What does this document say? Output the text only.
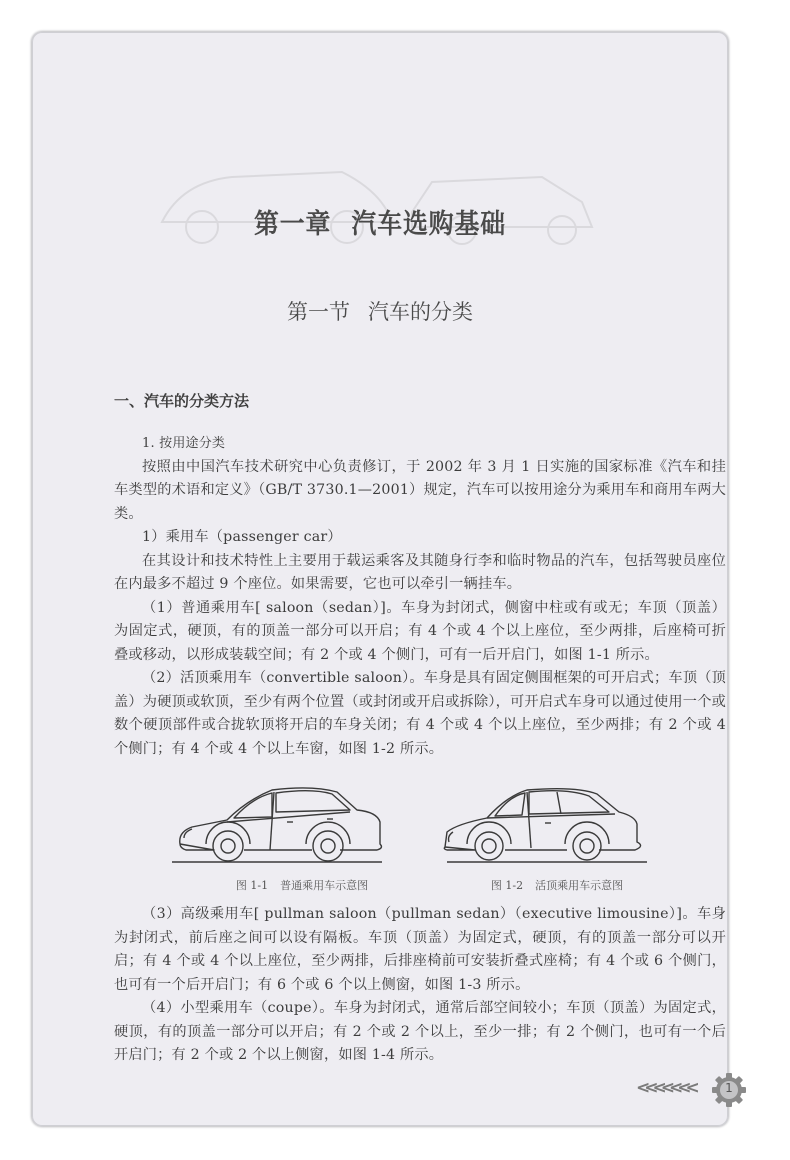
第一章 汽车选购基础
第一节 汽车的分类
一、汽车的分类方法

1. 按用途分类

按照由中国汽车技术研究中心负责修订，于 2002 年 3 月 1 日实施的国家标准《汽车和挂车类型的术语和定义》（GB/T 3730.1—2001）规定，汽车可以按用途分为乘用车和商用车两大类。

1）乘用车（passenger car）

在其设计和技术特性上主要用于载运乘客及其随身行李和临时物品的汽车，包括驾驶员座位在内最多不超过 9 个座位。如果需要，它也可以牵引一辆挂车。

（1）普通乘用车[ saloon（sedan）]。车身为封闭式，侧窗中柱或有或无；车顶（顶盖）为固定式，硬顶，有的顶盖一部分可以开启；有 4 个或 4 个以上座位，至少两排，后座椅可折叠或移动，以形成装载空间；有 2 个或 4 个侧门，可有一后开启门，如图 1-1 所示。

（2）活顶乘用车（convertible saloon）。车身是具有固定侧围框架的可开启式；车顶（顶盖）为硬顶或软顶，至少有两个位置（或封闭或开启或拆除），可开启式车身可以通过使用一个或数个硬顶部件或合拢软顶将开启的车身关闭；有 4 个或 4 个以上座位，至少两排；有 2 个或 4 个侧门；有 4 个或 4 个以上车窗，如图 1-2 所示。

图 1-1 普通乘用车示意图	图 1-2 活顶乘用车示意图

（3）高级乘用车[ pullman saloon（pullman sedan）（executive limousine）]。车身为封闭式，前后座之间可以设有隔板。车顶（顶盖）为固定式，硬顶，有的顶盖一部分可以开启；有 4 个或 4 个以上座位，至少两排，后排座椅前可安装折叠式座椅；有 4 个或 6 个侧门，也可有一个后开启门；有 6 个或 6 个以上侧窗，如图 1-3 所示。

（4）小型乘用车（coupe）。车身为封闭式，通常后部空间较小；车顶（顶盖）为固定式，硬顶，有的顶盖一部分可以开启；有 2 个或 2 个以上，至少一排；有 2 个侧门，也可有一个后开启门；有 2 个或 2 个以上侧窗，如图 1-4 所示。

<<<<<<<	1
